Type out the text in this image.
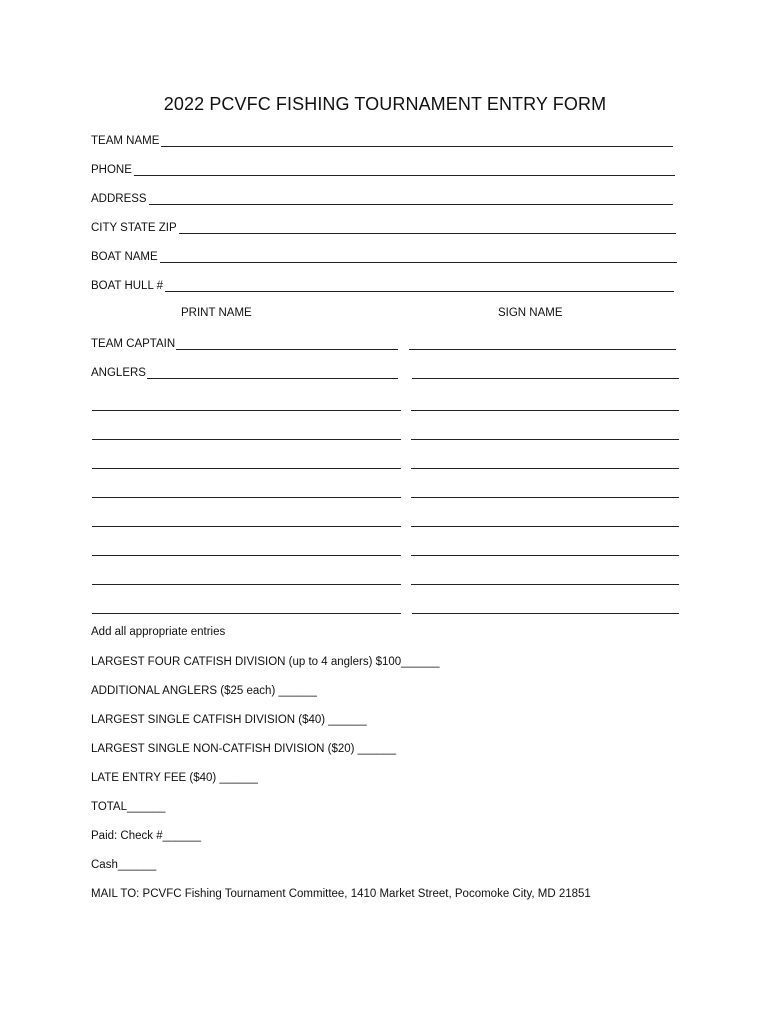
2022 PCVFC FISHING TOURNAMENT ENTRY FORM
TEAM NAME
PHONE
ADDRESS
CITY STATE ZIP
BOAT NAME
BOAT HULL #
PRINT NAME	SIGN NAME
TEAM CAPTAIN
ANGLERS
Add all appropriate entries
LARGEST FOUR CATFISH DIVISION (up to 4 anglers) $100______
ADDITIONAL ANGLERS ($25 each) ______
LARGEST SINGLE CATFISH DIVISION ($40) ______
LARGEST SINGLE NON-CATFISH DIVISION ($20) ______
LATE ENTRY FEE ($40) ______
TOTAL______
Paid: Check #______
Cash______
MAIL TO: PCVFC Fishing Tournament Committee, 1410 Market Street, Pocomoke City, MD 21851
